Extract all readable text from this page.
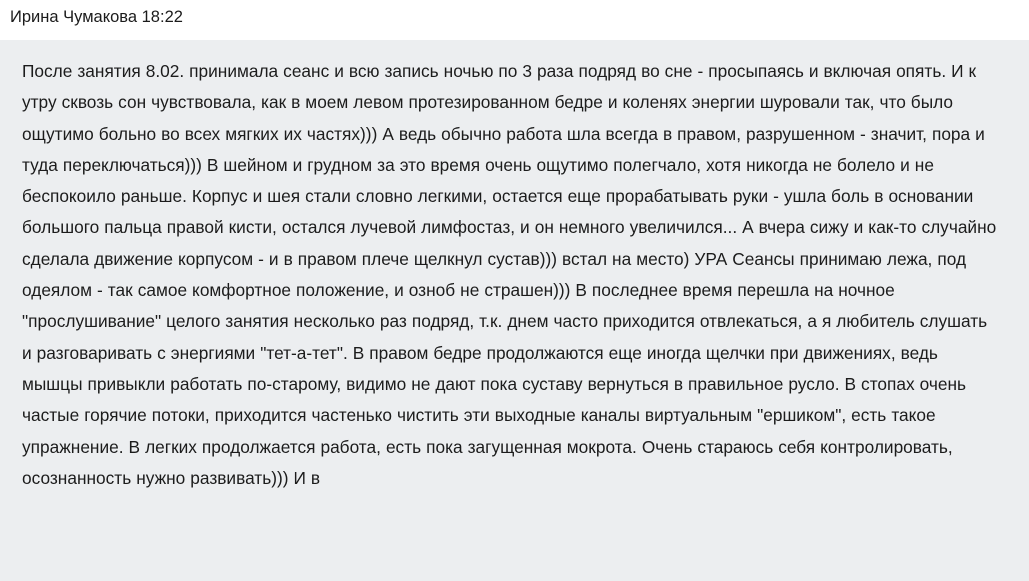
Ирина Чумакова 18:22
После занятия 8.02. принимала сеанс и всю запись ночью по 3 раза подряд во сне - просыпаясь и включая опять. И к утру сквозь сон чувствовала, как в моем левом протезированном бедре и коленях энергии шуровали так, что было ощутимо больно во всех мягких их частях))) А ведь обычно работа шла всегда в правом, разрушенном - значит, пора и туда переключаться))) В шейном и грудном за это время очень ощутимо полегчало, хотя никогда не болело и не беспокоило раньше. Корпус и шея стали словно легкими, остается еще прорабатывать руки - ушла боль в основании большого пальца правой кисти, остался лучевой лимфостаз, и он немного увеличился... А вчера сижу и как-то случайно сделала движение корпусом - и в правом плече щелкнул сустав))) встал на место) УРА Сеансы принимаю лежа, под одеялом - так самое комфортное положение, и озноб не страшен))) В последнее время перешла на ночное "прослушивание" целого занятия несколько раз подряд, т.к. днем часто приходится отвлекаться, а я любитель слушать и разговаривать с энергиями "тет-а-тет". В правом бедре продолжаются еще иногда щелчки при движениях, ведь мышцы привыкли работать по-старому, видимо не дают пока суставу вернуться в правильное русло. В стопах очень частые горячие потоки, приходится частенько чистить эти выходные каналы виртуальным "ершиком", есть такое упражнение. В легких продолжается работа, есть пока загущенная мокрота. Очень стараюсь себя контролировать, осознанность нужно развивать))) И в
